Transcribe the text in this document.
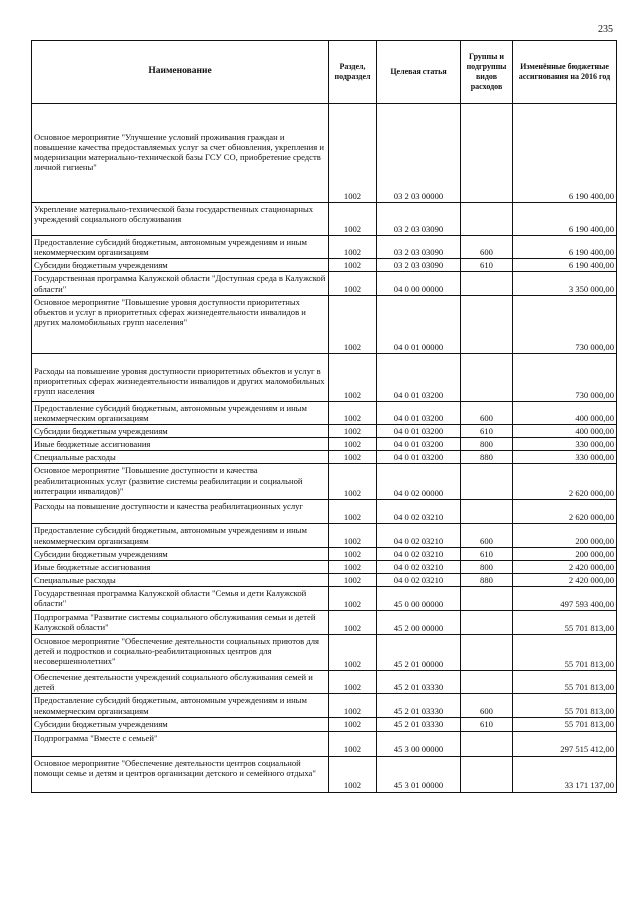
235
Наименование	Раздел, подраздел	Целевая статья	Группы и подгруппы видов расходов	Изменённые бюджетные ассигнования на 2016 год

Основное мероприятие "Улучшение условий проживания граждан и повышение качества предоставляемых услуг за счет обновления, укрепления и модернизации материально-технической базы ГСУ СО, приобретение средств личной гигиены"	1002	03 2 03 00000		6 190 400,00

Укрепление материально-технической базы государственных стационарных учреждений социального обслуживания	1002	03 2 03 03090		6 190 400,00

Предоставление субсидий бюджетным, автономным учреждениям и иным некоммерческим организациям	1002	03 2 03 03090	600	6 190 400,00

Субсидии бюджетным учреждениям	1002	03 2 03 03090	610	6 190 400,00

Государственная программа Калужской области "Доступная среда в Калужской области"	1002	04 0 00 00000		3 350 000,00

Основное мероприятие "Повышение уровня доступности приоритетных объектов и услуг в приоритетных сферах жизнедеятельности инвалидов и других маломобильных групп населения"	1002	04 0 01 00000		730 000,00

Расходы на повышение уровня доступности приоритетных объектов и услуг в приоритетных сферах жизнедеятельности инвалидов и других маломобильных групп населения	1002	04 0 01 03200		730 000,00

Предоставление субсидий бюджетным, автономным учреждениям и иным некоммерческим организациям	1002	04 0 01 03200	600	400 000,00

Субсидии бюджетным учреждениям	1002	04 0 01 03200	610	400 000,00

Иные бюджетные ассигнования	1002	04 0 01 03200	800	330 000,00

Специальные расходы	1002	04 0 01 03200	880	330 000,00

Основное мероприятие "Повышение доступности и качества реабилитационных услуг (развитие системы реабилитации и социальной интеграции инвалидов)"	1002	04 0 02 00000		2 620 000,00

Расходы на повышение доступности и качества реабилитационных услуг	1002	04 0 02 03210		2 620 000,00

Предоставление субсидий бюджетным, автономным учреждениям и иным некоммерческим организациям	1002	04 0 02 03210	600	200 000,00

Субсидии бюджетным учреждениям	1002	04 0 02 03210	610	200 000,00

Иные бюджетные ассигнования	1002	04 0 02 03210	800	2 420 000,00

Специальные расходы	1002	04 0 02 03210	880	2 420 000,00

Государственная программа Калужской области "Семья и дети Калужской области"	1002	45 0 00 00000		497 593 400,00

Подпрограмма "Развитие системы социального обслуживания семьи и детей Калужской области"	1002	45 2 00 00000		55 701 813,00

Основное мероприятие "Обеспечение деятельности социальных приютов для детей и подростков и социально-реабилитационных центров для несовершеннолетних"	1002	45 2 01 00000		55 701 813,00

Обеспечение деятельности учреждений социального обслуживания семей и детей	1002	45 2 01 03330		55 701 813,00

Предоставление субсидий бюджетным, автономным учреждениям и иным некоммерческим организациям	1002	45 2 01 03330	600	55 701 813,00

Субсидии бюджетным учреждениям	1002	45 2 01 03330	610	55 701 813,00

Подпрограмма "Вместе с семьей"	1002	45 3 00 00000		297 515 412,00

Основное мероприятие "Обеспечение деятельности центров социальной помощи семье и детям и центров организации детского и семейного отдыха"	1002	45 3 01 00000		33 171 137,00
